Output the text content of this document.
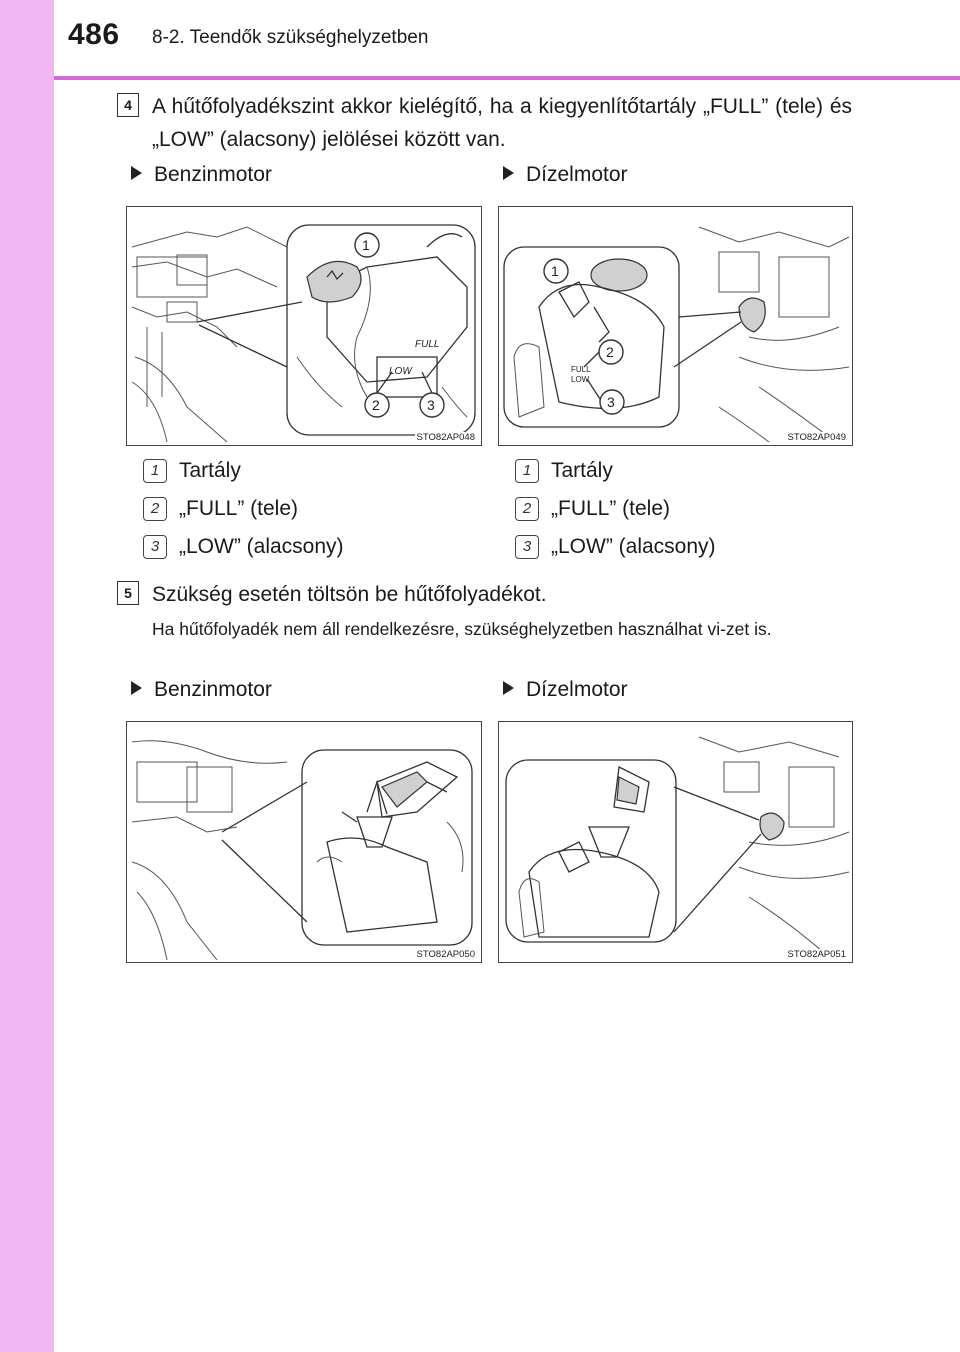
486 8-2. Teendők szükséghelyzetben
4 A hűtőfolyadékszint akkor kielégítő, ha a kiegyenlítőtartály „FULL” (tele) és „LOW” (alacsony) jelölései között van.
Benzinmotor	Dízelmotor
LOW
FULL
1
2	3
STO82AP048
FULL
LOW
1
2
3
STO82AP049
1 Tartály
2 „FULL” (tele)
3 „LOW” (alacsony)
1 Tartály
2 „FULL” (tele)
3 „LOW” (alacsony)
5 Szükség esetén töltsön be hűtőfolyadékot.
Ha hűtőfolyadék nem áll rendelkezésre, szükséghelyzetben használhat vi-zet is.
Benzinmotor	Dízelmotor
STO82AP050	STO82AP051
